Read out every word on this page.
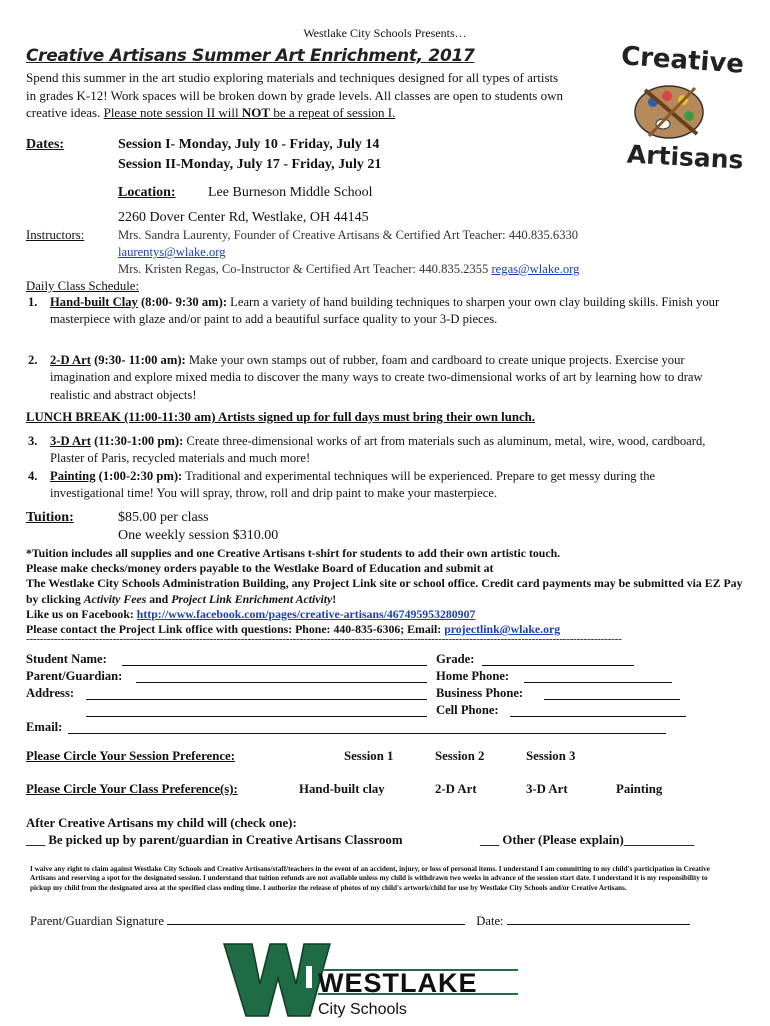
Westlake City Schools Presents…
Creative Artisans Summer Art Enrichment, 2017

Spend this summer in the art studio exploring materials and techniques designed for all types of artists in grades K-12! Work spaces will be broken down by grade levels. All classes are open to students own creative ideas. Please note session II will NOT be a repeat of session I.

Creative
Artisans
Dates:	Session I- Monday, July 10 - Friday, July 14
Session II-Monday, July 17 - Friday, July 21
Location: Lee Burneson Middle School
2260 Dover Center Rd, Westlake, OH 44145
Instructors:	Mrs. Sandra Laurenty, Founder of Creative Artisans & Certified Art Teacher: 440.835.6330
laurentys@wlake.org
Mrs. Kristen Regas, Co-Instructor & Certified Art Teacher: 440.835.2355 regas@wlake.org
Daily Class Schedule:
1. Hand-built Clay (8:00- 9:30 am): Learn a variety of hand building techniques to sharpen your own clay building skills. Finish your masterpiece with glaze and/or paint to add a beautiful surface quality to your 3-D pieces.
2. 2-D Art (9:30- 11:00 am): Make your own stamps out of rubber, foam and cardboard to create unique projects. Exercise your imagination and explore mixed media to discover the many ways to create two-dimensional works of art by learning how to draw realistic and abstract objects!
LUNCH BREAK (11:00-11:30 am) Artists signed up for full days must bring their own lunch.
3. 3-D Art (11:30-1:00 pm): Create three-dimensional works of art from materials such as aluminum, metal, wire, wood, cardboard, Plaster of Paris, recycled materials and much more!
4. Painting (1:00-2:30 pm): Traditional and experimental techniques will be experienced. Prepare to get messy during the investigational time! You will spray, throw, roll and drip paint to make your masterpiece.
Tuition:	$85.00 per class
One weekly session $310.00

*Tuition includes all supplies and one Creative Artisans t-shirt for students to add their own artistic touch.

Please make checks/money orders payable to the Westlake Board of Education and submit at

The Westlake City Schools Administration Building, any Project Link site or school office. Credit card payments may be submitted via EZ Pay by clicking Activity Fees and Project Link Enrichment Activity!

Like us on Facebook: http://www.facebook.com/pages/creative-artisans/467495953280907

Please contact the Project Link office with questions: Phone: 440-835-6306; Email: projectlink@wlake.org

----------------------------------------------------------------------------------------------------------------------------------------------------------------------------
Student Name:	Grade:
Parent/Guardian:	Home Phone:
Address:	Business Phone:
Cell Phone:
Email:
Please Circle Your Session Preference:	Session 1	Session 2	Session 3
Please Circle Your Class Preference(s):	Hand-built clay	2-D Art	3-D Art	Painting
After Creative Artisans my child will (check one):
___ Be picked up by parent/guardian in Creative Artisans Classroom	___ Other (Please explain)___________

I waive any right to claim against Westlake City Schools and Creative Artisans/staff/teachers in the event of an accident, injury, or loss of personal items. I understand I am committing to my child's participation in Creative Artisans and reserving a spot for the designated session. I understand that tuition refunds are not available unless my child is withdrawn two weeks in advance of the session start date. I understand it is my responsibility to pickup my child from the designated area at the specified class ending time. I authorize the release of photos of my child's artwork/child for use by Westlake City Schools and/or Creative Artisans.

Parent/Guardian Signature	Date:
WESTLAKE
City Schools
